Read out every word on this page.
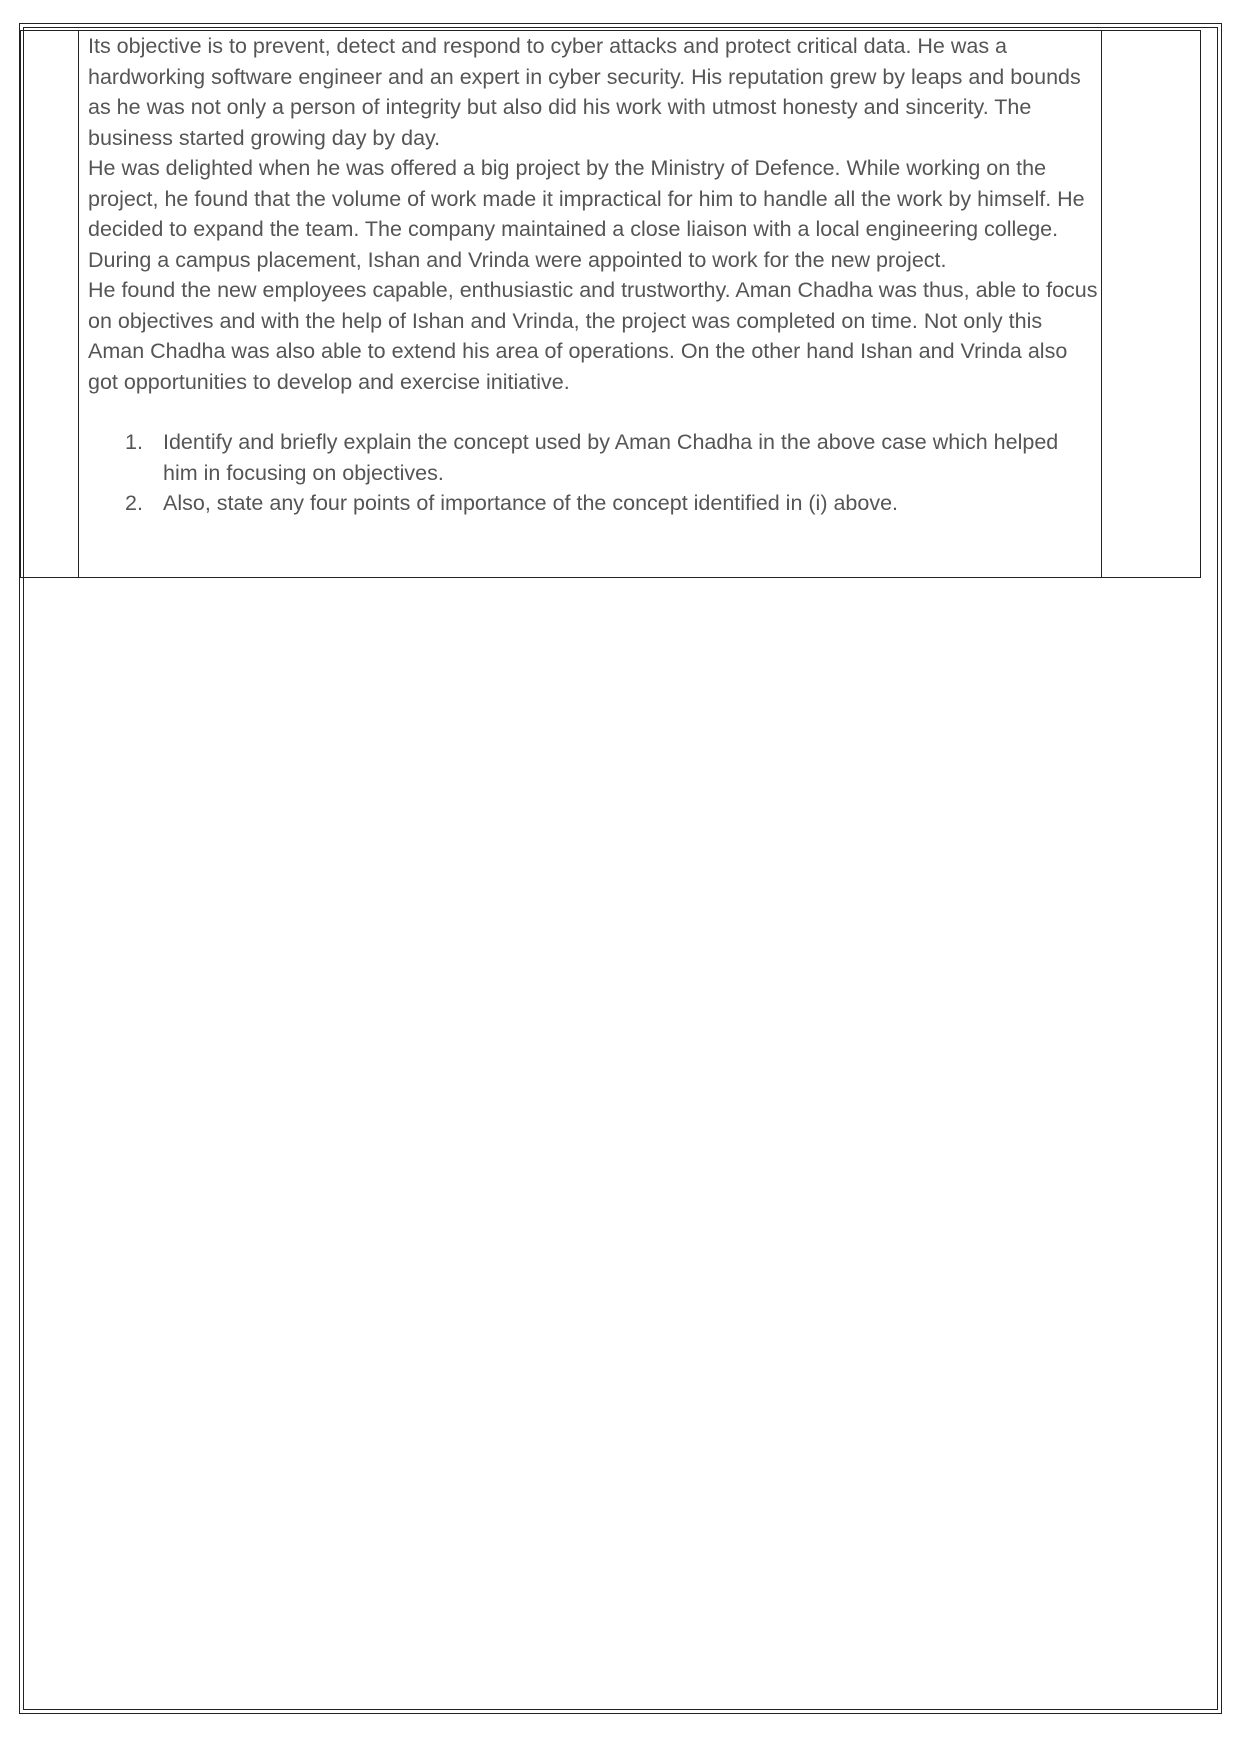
Its objective is to prevent, detect and respond to cyber attacks and protect critical data. He was a hardworking software engineer and an expert in cyber security. His reputation grew by leaps and bounds as he was not only a person of integrity but also did his work with utmost honesty and sincerity. The business started growing day by day.

He was delighted when he was offered a big project by the Ministry of Defence. While working on the project, he found that the volume of work made it impractical for him to handle all the work by himself. He decided to expand the team. The company maintained a close liaison with a local engineering college. During a campus placement, Ishan and Vrinda were appointed to work for the new project.

He found the new employees capable, enthusiastic and trustworthy. Aman Chadha was thus, able to focus on objectives and with the help of Ishan and Vrinda, the project was completed on time. Not only this Aman Chadha was also able to extend his area of operations. On the other hand Ishan and Vrinda also got opportunities to develop and exercise initiative.

1. Identify and briefly explain the concept used by Aman Chadha in the above case which helped him in focusing on objectives.
2. Also, state any four points of importance of the concept identified in (i) above.
